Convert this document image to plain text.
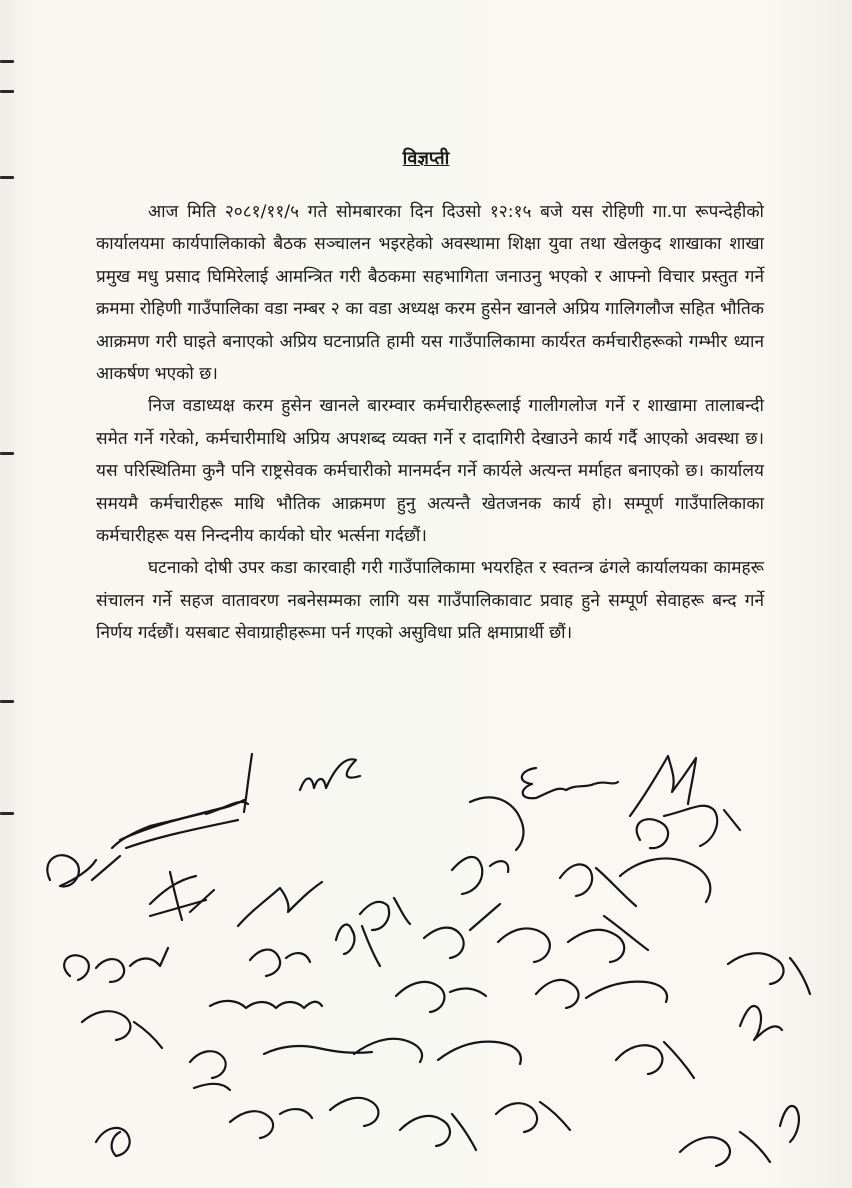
विज्ञप्ती

आज मिति २०८१/११/५ गते सोमबारका दिन दिउसो १२:१५ बजे यस रोहिणी गा.पा रूपन्देहीको कार्यालयमा कार्यपालिकाको बैठक सञ्चालन भइरहेको अवस्थामा शिक्षा युवा तथा खेलकुद शाखाका शाखा प्रमुख मधु प्रसाद घिमिरेलाई आमन्त्रित गरी बैठकमा सहभागिता जनाउनु भएको र आफ्नो विचार प्रस्तुत गर्ने क्रममा रोहिणी गाउँपालिका वडा नम्बर २ का वडा अध्यक्ष करम हुसेन खानले अप्रिय गालिगलौज सहित भौतिक आक्रमण गरी घाइते बनाएको अप्रिय घटनाप्रति हामी यस गाउँपालिकामा कार्यरत कर्मचारीहरूको गम्भीर ध्यान आकर्षण भएको छ।

निज वडाध्यक्ष करम हुसेन खानले बारम्वार कर्मचारीहरूलाई गालीगलोज गर्ने र शाखामा तालाबन्दी समेत गर्ने गरेको, कर्मचारीमाथि अप्रिय अपशब्द व्यक्त गर्ने र दादागिरी देखाउने कार्य गर्दै आएको अवस्था छ। यस परिस्थितिमा कुनै पनि राष्ट्रसेवक कर्मचारीको मानमर्दन गर्ने कार्यले अत्यन्त मर्माहत बनाएको छ। कार्यालय समयमै कर्मचारीहरू माथि भौतिक आक्रमण हुनु अत्यन्तै खेतजनक कार्य हो। सम्पूर्ण गाउँपालिकाका कर्मचारीहरू यस निन्दनीय कार्यको घोर भर्त्सना गर्दछौं।

घटनाको दोषी उपर कडा कारवाही गरी गाउँपालिकामा भयरहित र स्वतन्त्र ढंगले कार्यालयका कामहरू संचालन गर्ने सहज वातावरण नबनेसम्मका लागि यस गाउँपालिकावाट प्रवाह हुने सम्पूर्ण सेवाहरू बन्द गर्ने निर्णय गर्दछौं। यसबाट सेवाग्राहीहरूमा पर्न गएको असुविधा प्रति क्षमाप्रार्थी छौं।
